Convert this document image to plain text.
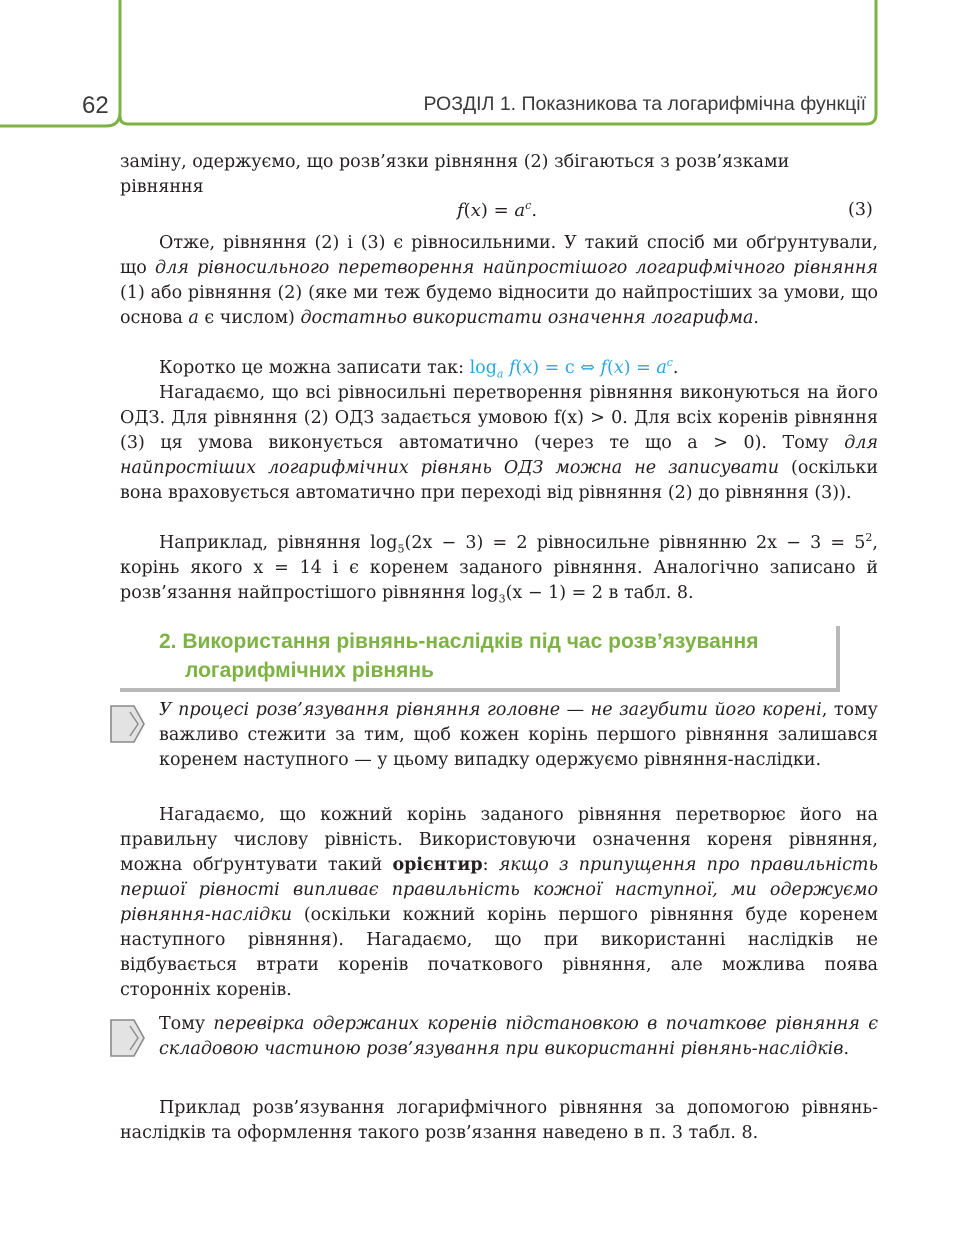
62	РОЗДІЛ 1. Показникова та логарифмічна функції

заміну, одержуємо, що розв’язки рівняння (2) збігаються з розв’язками
рівняння

$f(x) = a^c$.	(3)

Отже, рівняння (2) і (3) є рівносильними. У такий спосіб ми обґрунтували, що для рівносильного перетворення найпростішого логарифмічного рівняння (1) або рівняння (2) (яке ми теж будемо відносити до найпростіших за умови, що основа a є числом) достатньо використати означення логарифма.

Коротко це можна записати так: $\log_a f(x) = c$ ⇔ $f(x) = a^c$.

Нагадаємо, що всі рівносильні перетворення рівняння виконуються на його ОДЗ. Для рівняння (2) ОДЗ задається умовою f(x) > 0. Для всіх коренів рівняння (3) ця умова виконується автоматично (через те що a > 0). Тому для найпростіших логарифмічних рівнянь ОДЗ можна не записувати (оскільки вона враховується автоматично при переході від рівняння (2) до рівняння (3)).

Наприклад, рівняння $\log_5(2x - 3) = 2$ рівносильне рівнянню $2x - 3 = 5^2$, корінь якого x = 14 і є коренем заданого рівняння. Аналогічно записано й розв’язання найпростішого рівняння $\log_3(x - 1) = 2$ в табл. 8.

2. Використання рівнянь-наслідків під час розв’язування
логарифмічних рівнянь

У процесі розв’язування рівняння головне — не загубити його корені, тому важливо стежити за тим, щоб кожен корінь першого рівняння залишався коренем наступного — у цьому випадку одержуємо рівняння-наслідки.

Нагадаємо, що кожний корінь заданого рівняння перетворює його на правильну числову рівність. Використовуючи означення кореня рівняння, можна обґрунтувати такий орієнтир: якщо з припущення про правильність першої рівності випливає правильність кожної наступної, ми одержуємо рівняння-наслідки (оскільки кожний корінь першого рівняння буде коренем наступного рівняння). Нагадаємо, що при використанні наслідків не відбувається втрати коренів початкового рівняння, але можлива поява сторонніх коренів.

Тому перевірка одержаних коренів підстановкою в початкове рівняння є складовою частиною розв’язування при використанні рівнянь-наслідків.

Приклад розв’язування логарифмічного рівняння за допомогою рівнянь-наслідків та оформлення такого розв’язання наведено в п. 3 табл. 8.
